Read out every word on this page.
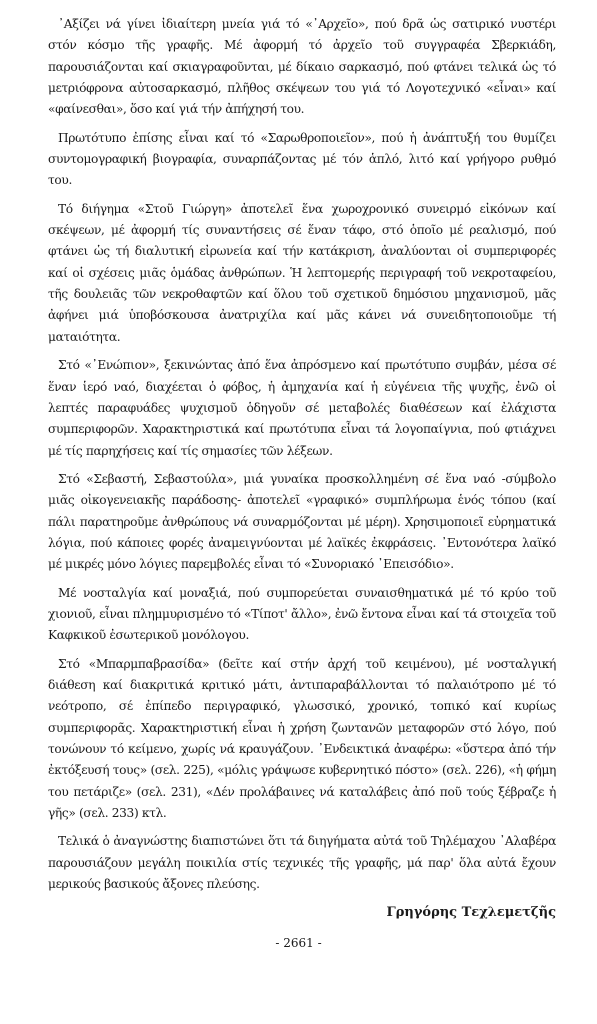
᾿Αξίζει νά γίνει ἰδιαίτερη μνεία γιά τό «᾿Αρχεῖο», πού δρᾶ ὡς σατιρικό νυστέρι στόν κόσμο τῆς γραφῆς. Μέ ἀφορμή τό ἀρχεῖο τοῦ συγγραφέα Σβερκιάδη, παρουσιάζονται καί σκιαγραφοῦνται, μέ δίκαιο σαρκασμό, πού φτάνει τελικά ὡς τό μετριόφρονα αὐτοσαρκασμό, πλῆθος σκέψεων του γιά τό Λογοτεχνικό «εἶναι» καί «φαίνεσθαι», ὅσο καί γιά τήν ἀπήχησή του.

Πρωτότυπο ἐπίσης εἶναι καί τό «Σαρωθροποιεῖον», πού ἡ ἀνάπτυξή του θυμίζει συντομογραφική βιογραφία, συναρπάζοντας μέ τόν ἁπλό, λιτό καί γρήγορο ρυθμό του.

Τό διήγημα «Στοῦ Γιώργη» ἀποτελεῖ ἕνα χωροχρονικό συνειρμό εἰκόνων καί σκέψεων, μέ ἀφορμή τίς συναντήσεις σέ ἕναν τάφο, στό ὁποῖο μέ ρεαλισμό, πού φτάνει ὡς τή διαλυτική εἰρωνεία καί τήν κατάκριση, ἀναλύονται οἱ συμπεριφορές καί οἱ σχέσεις μιᾶς ὁμάδας ἀνθρώπων. Ἡ λεπτομερής περιγραφή τοῦ νεκροταφείου, τῆς δουλειᾶς τῶν νεκροθαφτῶν καί ὅλου τοῦ σχετικοῦ δημόσιου μηχανισμοῦ, μᾶς ἀφήνει μιά ὑποβόσκουσα ἀνατριχίλα καί μᾶς κάνει νά συνειδητοποιοῦμε τή ματαιότητα.

Στό «᾿Ενώπιον», ξεκινώντας ἀπό ἕνα ἀπρόσμενο καί πρωτότυπο συμβάν, μέσα σέ ἕναν ἱερό ναό, διαχέεται ὁ φόβος, ἡ ἀμηχανία καί ἡ εὐγένεια τῆς ψυχῆς, ἐνῶ οἱ λεπτές παραφυάδες ψυχισμοῦ ὁδηγοῦν σέ μεταβολές διαθέσεων καί ἐλάχιστα συμπεριφορῶν. Χαρακτηριστικά καί πρωτότυπα εἶναι τά λογοπαίγνια, πού φτιάχνει μέ τίς παρηχήσεις καί τίς σημασίες τῶν λέξεων.

Στό «Σεβαστή, Σεβαστούλα», μιά γυναίκα προσκολλημένη σέ ἕνα ναό -σύμβολο μιᾶς οἰκογενειακῆς παράδοσης- ἀποτελεῖ «γραφικό» συμπλήρωμα ἑνός τόπου (καί πάλι παρατηροῦμε ἀνθρώπους νά συναρμόζονται μέ μέρη). Χρησιμοποιεῖ εὐρηματικά λόγια, πού κάποιες φορές ἀναμειγνύονται μέ λαϊκές ἐκφράσεις. ᾿Εντονότερα λαϊκό μέ μικρές μόνο λόγιες παρεμβολές εἶναι τό «Συνοριακό ᾿Επεισόδιο».

Μέ νοσταλγία καί μοναξιά, πού συμπορεύεται συναισθηματικά μέ τό κρύο τοῦ χιονιοῦ, εἶναι πλημμυρισμένο τό «Τίποτ' ἄλλο», ἐνῶ ἔντονα εἶναι καί τά στοιχεῖα τοῦ Καφκικοῦ ἐσωτερικοῦ μονόλογου.

Στό «Μπαρμπαβρασίδα» (δεῖτε καί στήν ἀρχή τοῦ κειμένου), μέ νοσταλγική διάθεση καί διακριτικά κριτικό μάτι, ἀντιπαραβάλλονται τό παλαιότροπο μέ τό νεότροπο, σέ ἐπίπεδο περιγραφικό, γλωσσικό, χρονικό, τοπικό καί κυρίως συμπεριφορᾶς. Χαρακτηριστική εἶναι ἡ χρήση ζωντανῶν μεταφορῶν στό λόγο, πού τονώνουν τό κείμενο, χωρίς νά κραυγάζουν. ᾿Ενδεικτικά ἀναφέρω: «ὕστερα ἀπό τήν ἐκτόξευσή τους» (σελ. 225), «μόλις γράψωσε κυβερνητικό πόστο» (σελ. 226), «ἡ φήμη του πετάριζε» (σελ. 231), «Δέν προλάβαινες νά καταλάβεις ἀπό ποῦ τούς ξέβραζε ἡ γῆς» (σελ. 233) κτλ.

Τελικά ὁ ἀναγνώστης διαπιστώνει ὅτι τά διηγήματα αὐτά τοῦ Τηλέμαχου ᾿Αλαβέρα παρουσιάζουν μεγάλη ποικιλία στίς τεχνικές τῆς γραφῆς, μά παρ' ὅλα αὐτά ἔχουν μερικούς βασικούς ἄξονες πλεύσης.

Γρηγόρης Τεχλεμετζῆς
- 2661 -
